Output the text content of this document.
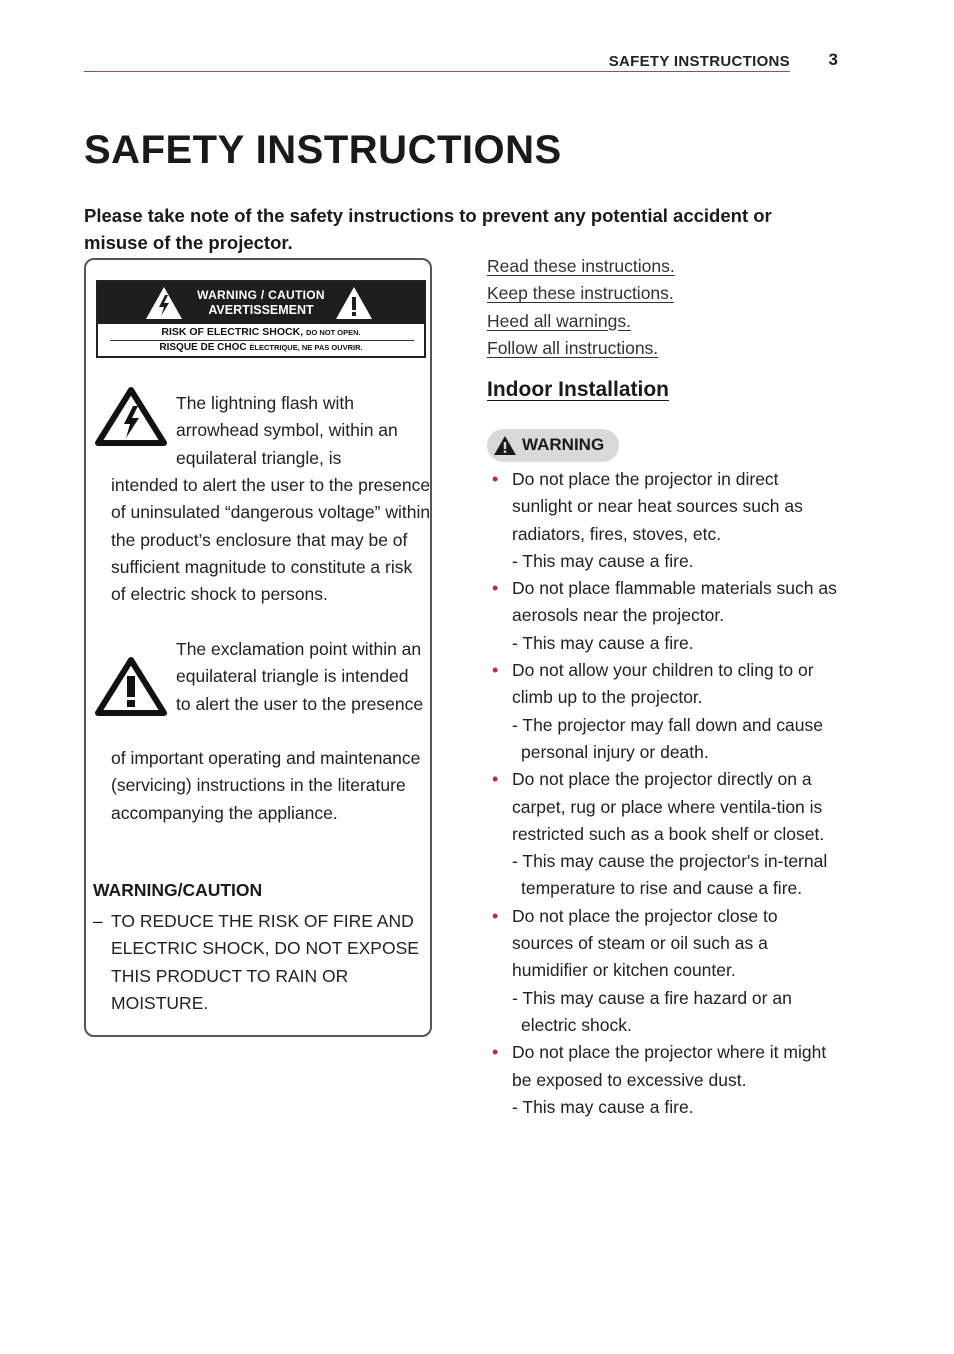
SAFETY INSTRUCTIONS 3
SAFETY INSTRUCTIONS

Please take note of the safety instructions to prevent any potential accident or misuse of the projector.

WARNING / CAUTION
AVERTISSEMENT
RISK OF ELECTRIC SHOCK, DO NOT OPEN.
RISQUE DE CHOC ÉLECTRIQUE, NE PAS OUVRIR.
The lightning flash with arrowhead symbol, within an equilateral triangle, is
intended to alert the user to the presence of uninsulated “dangerous voltage” within the product’s enclosure that may be of sufficient magnitude to constitute a risk of electric shock to persons.
The exclamation point within an equilateral triangle is intended to alert the user to the presence
of important operating and maintenance (servicing) instructions in the literature accompanying the appliance.
WARNING/CAUTION
– TO REDUCE THE RISK OF FIRE AND ELECTRIC SHOCK, DO NOT EXPOSE THIS PRODUCT TO RAIN OR MOISTURE.
Read these instructions.
Keep these instructions.
Heed all warnings.
Follow all instructions.
Indoor Installation
WARNING
• Do not place the projector in direct sunlight or near heat sources such as radiators, fires, stoves, etc.
- This may cause a fire.
• Do not place flammable materials such as aerosols near the projector.
- This may cause a fire.
• Do not allow your children to cling to or climb up to the projector.
- The projector may fall down and cause personal injury or death.
• Do not place the projector directly on a carpet, rug or place where ventila-tion is restricted such as a book shelf or closet.
- This may cause the projector's in-ternal temperature to rise and cause a fire.
• Do not place the projector close to sources of steam or oil such as a humidifier or kitchen counter.
- This may cause a fire hazard or an electric shock.
• Do not place the projector where it might be exposed to excessive dust.
- This may cause a fire.
